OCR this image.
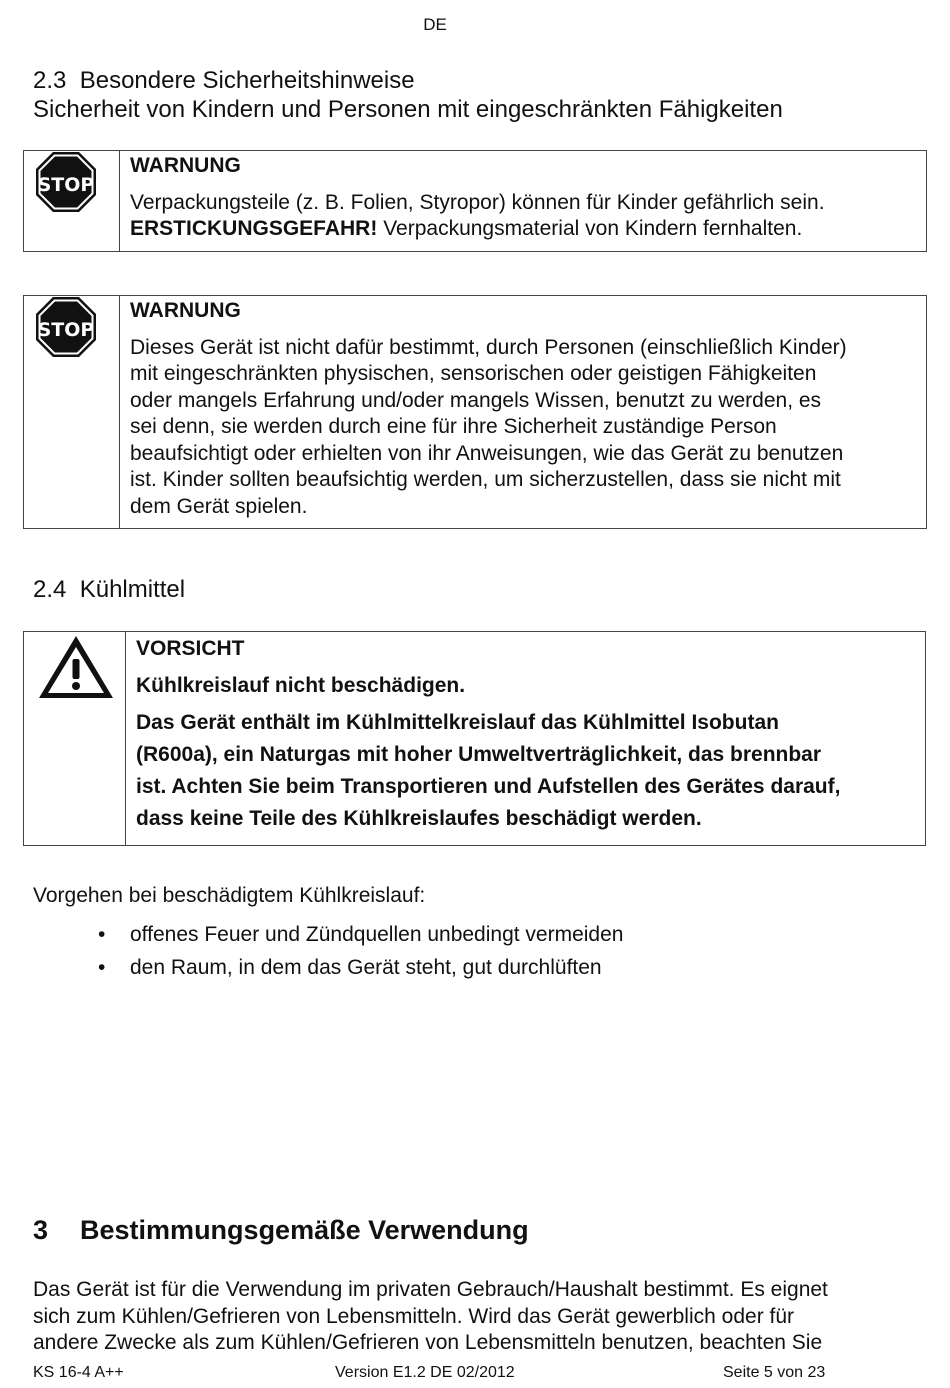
DE
2.3 Besondere Sicherheitshinweise
Sicherheit von Kindern und Personen mit eingeschränkten Fähigkeiten
STOP
WARNUNG
Verpackungsteile (z. B. Folien, Styropor) können für Kinder gefährlich sein.
ERSTICKUNGSGEFAHR! Verpackungsmaterial von Kindern fernhalten.
STOP
WARNUNG
Dieses Gerät ist nicht dafür bestimmt, durch Personen (einschließlich Kinder)
mit eingeschränkten physischen, sensorischen oder geistigen Fähigkeiten
oder mangels Erfahrung und/oder mangels Wissen, benutzt zu werden, es
sei denn, sie werden durch eine für ihre Sicherheit zuständige Person
beaufsichtigt oder erhielten von ihr Anweisungen, wie das Gerät zu benutzen
ist. Kinder sollten beaufsichtig werden, um sicherzustellen, dass sie nicht mit
dem Gerät spielen.
2.4 Kühlmittel
VORSICHT
Kühlkreislauf nicht beschädigen.
Das Gerät enthält im Kühlmittelkreislauf das Kühlmittel Isobutan
(R600a), ein Naturgas mit hoher Umweltverträglichkeit, das brennbar
ist. Achten Sie beim Transportieren und Aufstellen des Gerätes darauf,
dass keine Teile des Kühlkreislaufes beschädigt werden.
Vorgehen bei beschädigtem Kühlkreislauf:
• offenes Feuer und Zündquellen unbedingt vermeiden
• den Raum, in dem das Gerät steht, gut durchlüften
3 Bestimmungsgemäße Verwendung
Das Gerät ist für die Verwendung im privaten Gebrauch/Haushalt bestimmt. Es eignet
sich zum Kühlen/Gefrieren von Lebensmitteln. Wird das Gerät gewerblich oder für
andere Zwecke als zum Kühlen/Gefrieren von Lebensmitteln benutzen, beachten Sie
KS 16-4 A++	Version E1.2 DE 02/2012	Seite 5 von 23
